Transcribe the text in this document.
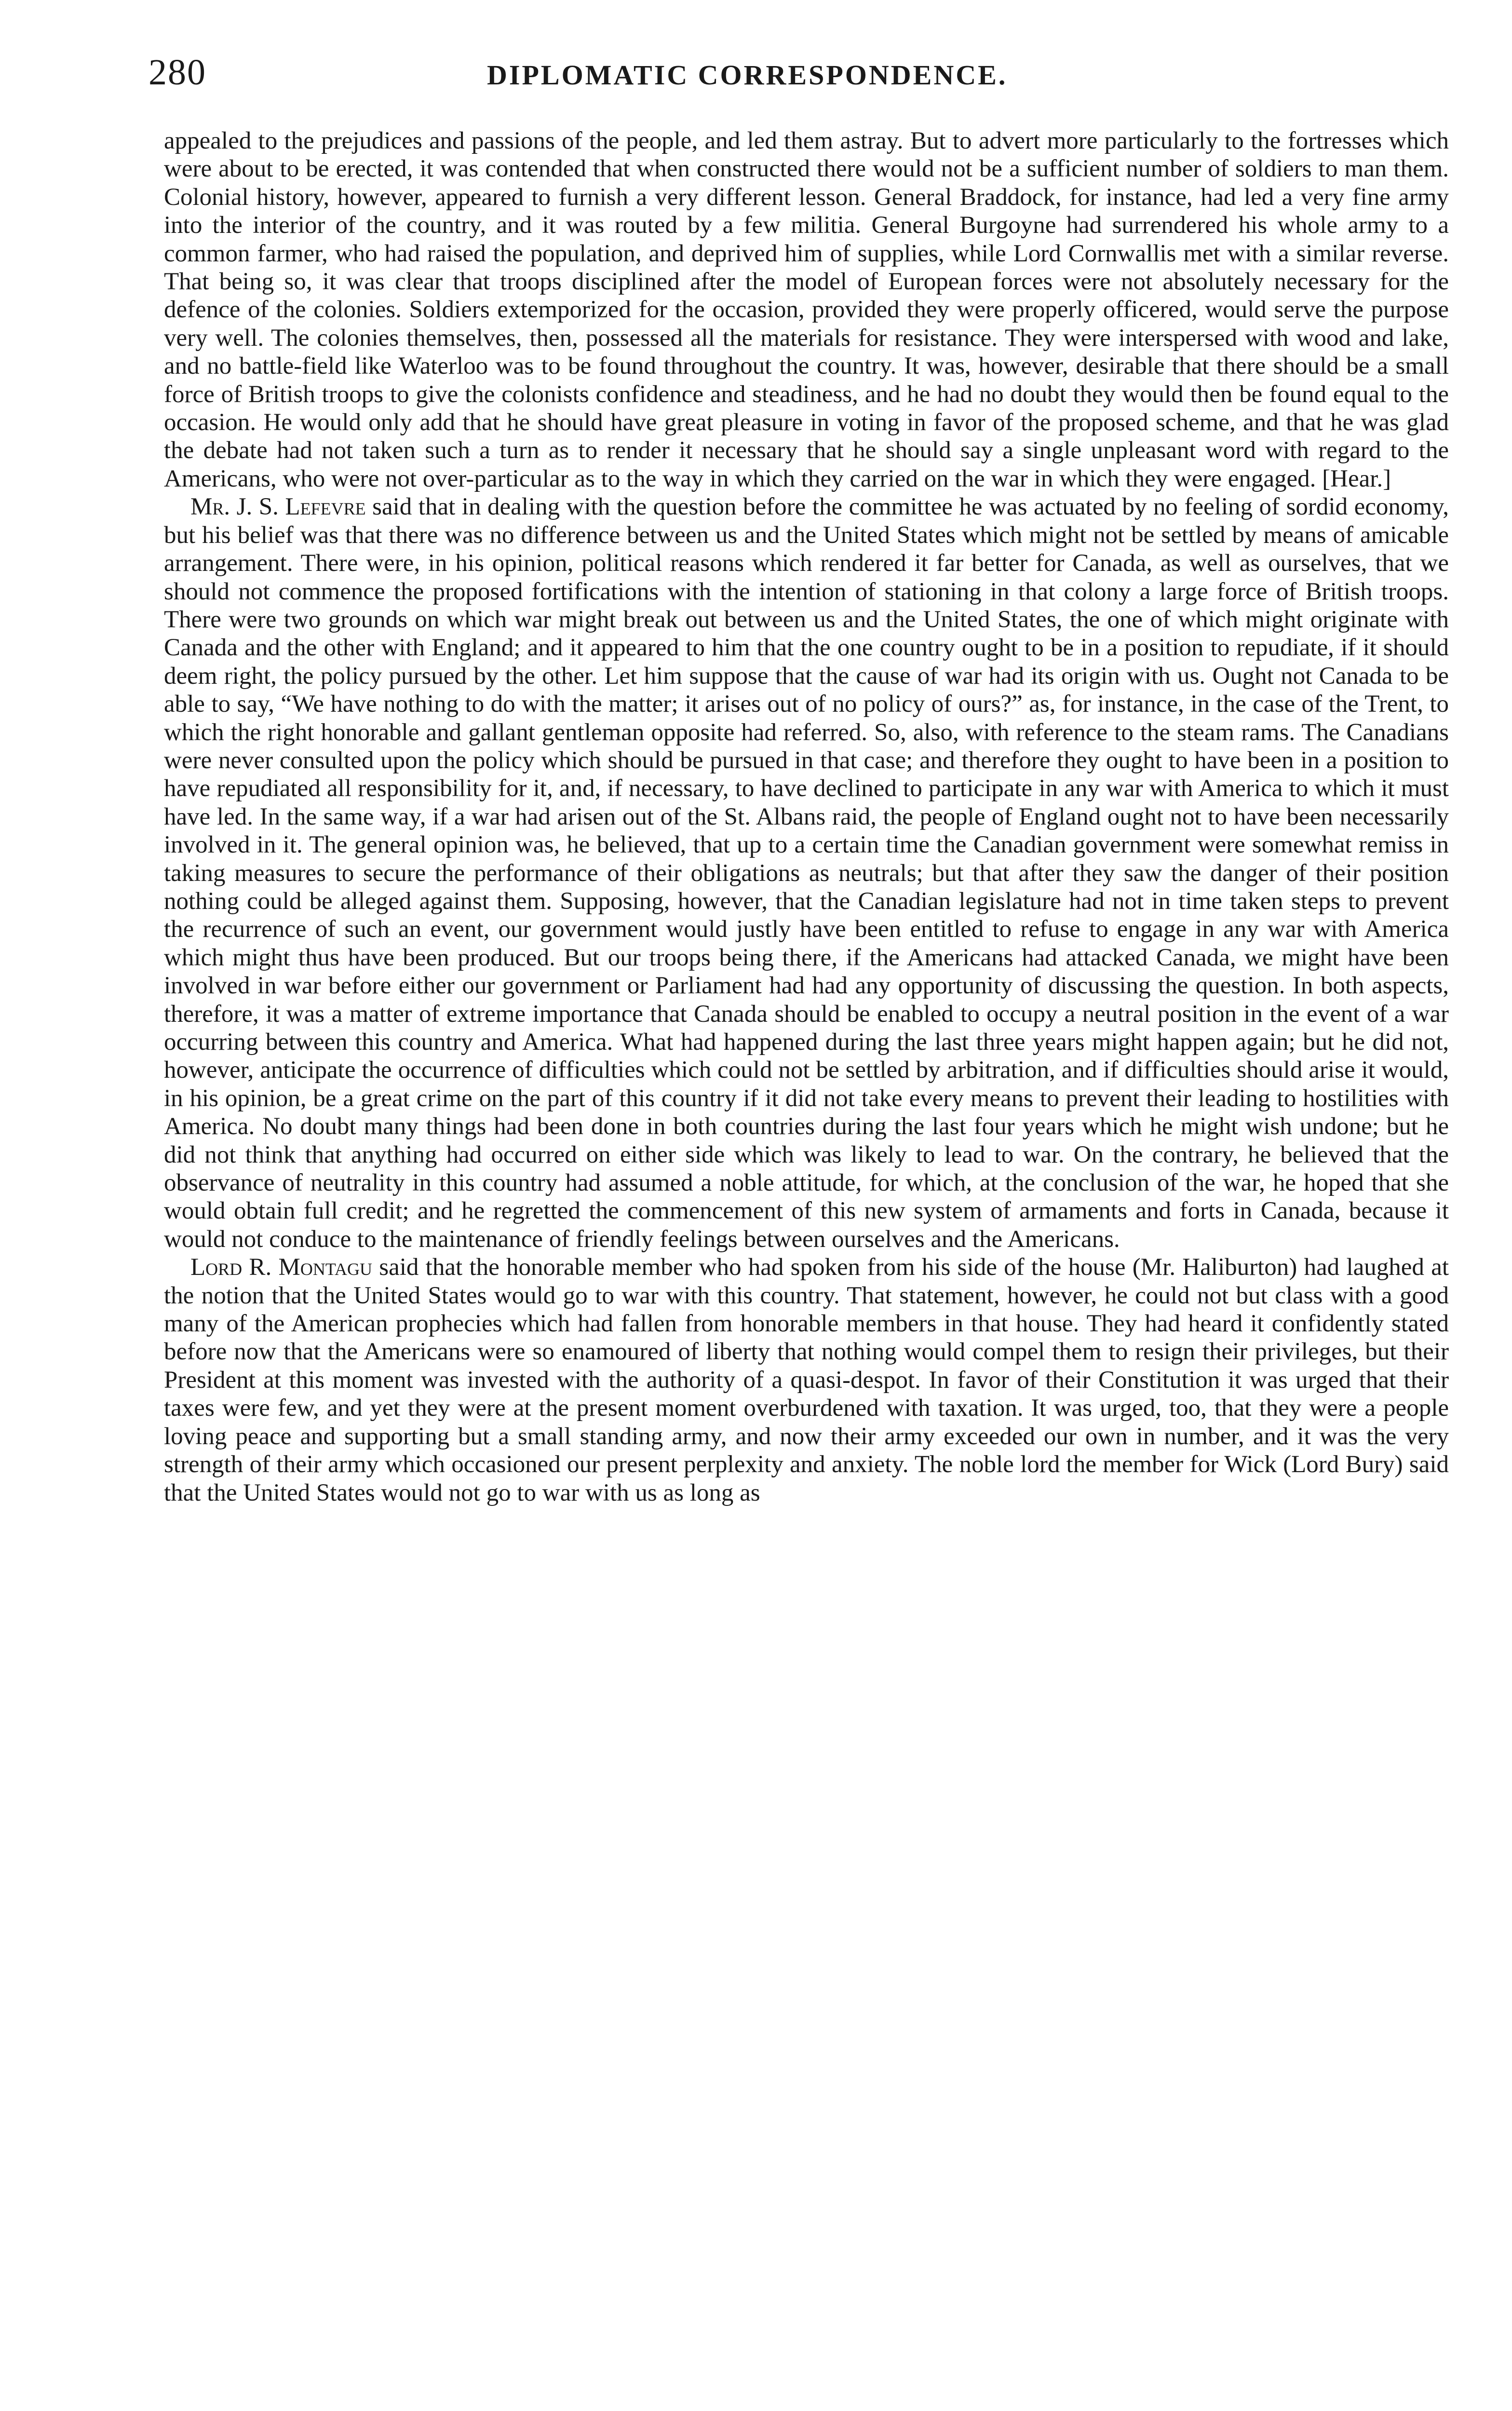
280	DIPLOMATIC CORRESPONDENCE.

appealed to the prejudices and passions of the people, and led them astray. But to advert more particularly to the fortresses which were about to be erected, it was contended that when constructed there would not be a sufficient number of soldiers to man them. Colonial history, however, appeared to furnish a very different lesson. General Braddock, for instance, had led a very fine army into the interior of the country, and it was routed by a few militia. General Burgoyne had surrendered his whole army to a common farmer, who had raised the population, and deprived him of supplies, while Lord Cornwallis met with a similar reverse. That being so, it was clear that troops disciplined after the model of European forces were not absolutely necessary for the defence of the colonies. Soldiers extemporized for the occasion, provided they were properly officered, would serve the purpose very well. The colonies themselves, then, possessed all the materials for resistance. They were interspersed with wood and lake, and no battle-field like Waterloo was to be found throughout the country. It was, however, desirable that there should be a small force of British troops to give the colonists confidence and steadiness, and he had no doubt they would then be found equal to the occasion. He would only add that he should have great pleasure in voting in favor of the proposed scheme, and that he was glad the debate had not taken such a turn as to render it necessary that he should say a single unpleasant word with regard to the Americans, who were not over-particular as to the way in which they carried on the war in which they were engaged. [Hear.]

Mr. J. S. Lefevre said that in dealing with the question before the committee he was actuated by no feeling of sordid economy, but his belief was that there was no difference between us and the United States which might not be settled by means of amicable arrangement. There were, in his opinion, political reasons which rendered it far better for Canada, as well as ourselves, that we should not commence the proposed fortifications with the intention of stationing in that colony a large force of British troops. There were two grounds on which war might break out between us and the United States, the one of which might originate with Canada and the other with England; and it appeared to him that the one country ought to be in a position to repudiate, if it should deem right, the policy pursued by the other. Let him suppose that the cause of war had its origin with us. Ought not Canada to be able to say, “We have nothing to do with the matter; it arises out of no policy of ours?” as, for instance, in the case of the Trent, to which the right honorable and gallant gentleman opposite had referred. So, also, with reference to the steam rams. The Canadians were never consulted upon the policy which should be pursued in that case; and therefore they ought to have been in a position to have repudiated all responsibility for it, and, if necessary, to have declined to participate in any war with America to which it must have led. In the same way, if a war had arisen out of the St. Albans raid, the people of England ought not to have been necessarily involved in it. The general opinion was, he believed, that up to a certain time the Canadian government were somewhat remiss in taking measures to secure the performance of their obligations as neutrals; but that after they saw the danger of their position nothing could be alleged against them. Supposing, however, that the Canadian legislature had not in time taken steps to prevent the recurrence of such an event, our government would justly have been entitled to refuse to engage in any war with America which might thus have been produced. But our troops being there, if the Americans had attacked Canada, we might have been involved in war before either our government or Parliament had had any opportunity of discussing the question. In both aspects, therefore, it was a matter of extreme importance that Canada should be enabled to occupy a neutral position in the event of a war occurring between this country and America. What had happened during the last three years might happen again; but he did not, however, anticipate the occurrence of difficulties which could not be settled by arbitration, and if difficulties should arise it would, in his opinion, be a great crime on the part of this country if it did not take every means to prevent their leading to hostilities with America. No doubt many things had been done in both countries during the last four years which he might wish undone; but he did not think that anything had occurred on either side which was likely to lead to war. On the contrary, he believed that the observance of neutrality in this country had assumed a noble attitude, for which, at the conclusion of the war, he hoped that she would obtain full credit; and he regretted the commencement of this new system of armaments and forts in Canada, because it would not conduce to the maintenance of friendly feelings between ourselves and the Americans.

Lord R. Montagu said that the honorable member who had spoken from his side of the house (Mr. Haliburton) had laughed at the notion that the United States would go to war with this country. That statement, however, he could not but class with a good many of the American prophecies which had fallen from honorable members in that house. They had heard it confidently stated before now that the Americans were so enamoured of liberty that nothing would compel them to resign their privileges, but their President at this moment was invested with the authority of a quasi-despot. In favor of their Constitution it was urged that their taxes were few, and yet they were at the present moment overburdened with taxation. It was urged, too, that they were a people loving peace and supporting but a small standing army, and now their army exceeded our own in number, and it was the very strength of their army which occasioned our present perplexity and anxiety. The noble lord the member for Wick (Lord Bury) said that the United States would not go to war with us as long as
